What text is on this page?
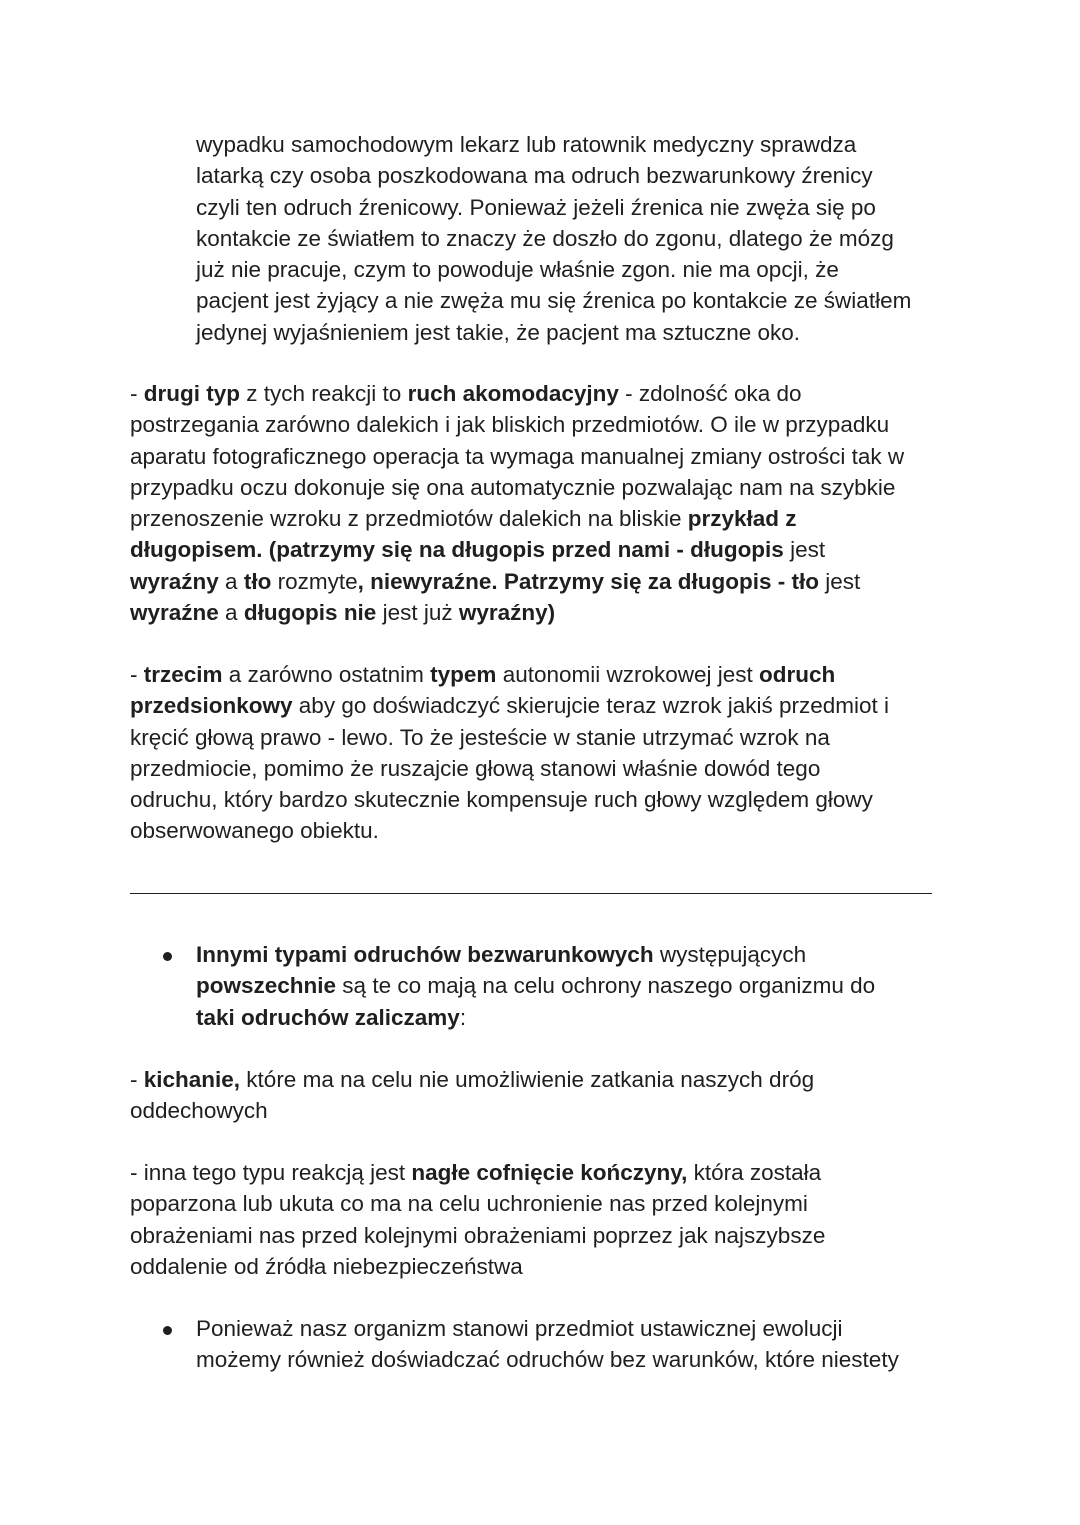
wypadku samochodowym lekarz lub ratownik medyczny sprawdza
latarką czy osoba poszkodowana ma odruch bezwarunkowy źrenicy
czyli ten odruch źrenicowy. Ponieważ jeżeli źrenica nie zwęża się po
kontakcie ze światłem to znaczy że doszło do zgonu, dlatego że mózg
już nie pracuje, czym to powoduje właśnie zgon. nie ma opcji, że
pacjent jest żyjący a nie zwęża mu się źrenica po kontakcie ze światłem
jedynej wyjaśnieniem jest takie, że pacjent ma sztuczne oko.
- drugi typ z tych reakcji to ruch akomodacyjny - zdolność oka do
postrzegania zarówno dalekich i jak bliskich przedmiotów. O ile w przypadku
aparatu fotograficznego operacja ta wymaga manualnej zmiany ostrości tak w
przypadku oczu dokonuje się ona automatycznie pozwalając nam na szybkie
przenoszenie wzroku z przedmiotów dalekich na bliskie przykład z
długopisem. (patrzymy się na długopis przed nami - długopis jest
wyraźny a tło rozmyte, niewyraźne. Patrzymy się za długopis - tło jest
wyraźne a długopis nie jest już wyraźny)
- trzecim a zarówno ostatnim typem autonomii wzrokowej jest odruch
przedsionkowy aby go doświadczyć skierujcie teraz wzrok jakiś przedmiot i
kręcić głową prawo - lewo. To że jesteście w stanie utrzymać wzrok na
przedmiocie, pomimo że ruszajcie głową stanowi właśnie dowód tego
odruchu, który bardzo skutecznie kompensuje ruch głowy względem głowy
obserwowanego obiektu.
Innymi typami odruchów bezwarunkowych występujących
powszechnie są te co mają na celu ochrony naszego organizmu do
taki odruchów zaliczamy:
- kichanie, które ma na celu nie umożliwienie zatkania naszych dróg
oddechowych
- inna tego typu reakcją jest nagłe cofnięcie kończyny, która została
poparzona lub ukuta co ma na celu uchronienie nas przed kolejnymi
obrażeniami nas przed kolejnymi obrażeniami poprzez jak najszybsze
oddalenie od źródła niebezpieczeństwa
Ponieważ nasz organizm stanowi przedmiot ustawicznej ewolucji
możemy również doświadczać odruchów bez warunków, które niestety
